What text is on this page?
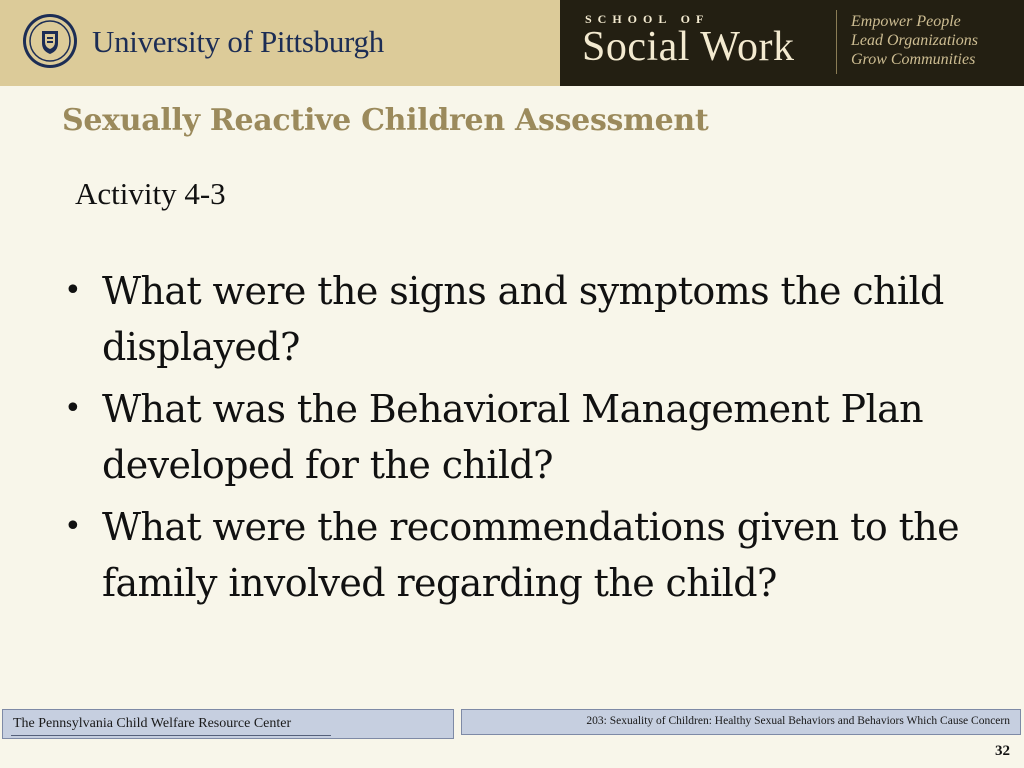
University of Pittsburgh
SCHOOL OF
Social Work
Empower People
Lead Organizations
Grow Communities
Sexually Reactive Children Assessment
Activity 4-3
• What were the signs and symptoms the child displayed?
• What was the Behavioral Management Plan developed for the child?
• What were the recommendations given to the family involved regarding the child?
The Pennsylvania Child Welfare Resource Center	203: Sexuality of Children: Healthy Sexual Behaviors and Behaviors Which Cause Concern
32
